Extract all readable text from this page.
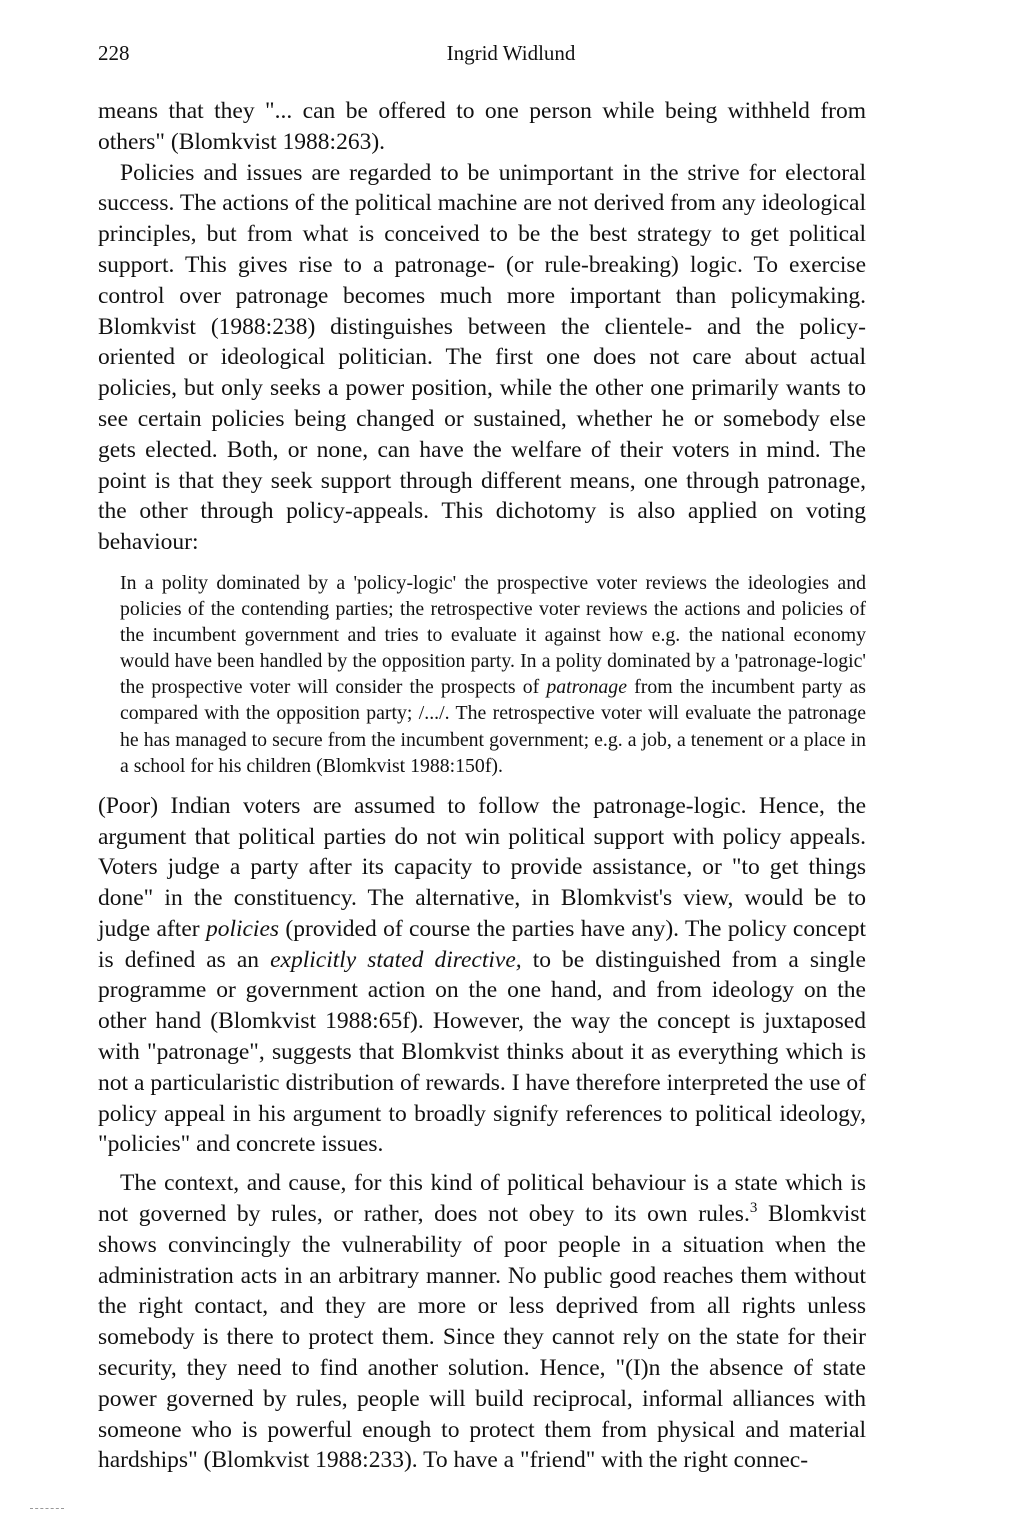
228	Ingrid Widlund

means that they "... can be offered to one person while being withheld from others" (Blomkvist 1988:263).

Policies and issues are regarded to be unimportant in the strive for electoral success. The actions of the political machine are not derived from any ideological principles, but from what is conceived to be the best strategy to get political support. This gives rise to a patronage- (or rule-breaking) logic. To exercise control over patronage becomes much more important than policymaking. Blomkvist (1988:238) distinguishes between the clientele- and the policy-oriented or ideological politician. The first one does not care about actual policies, but only seeks a power position, while the other one primarily wants to see certain policies being changed or sustained, whether he or somebody else gets elected. Both, or none, can have the welfare of their voters in mind. The point is that they seek support through different means, one through patronage, the other through policy-appeals. This dichotomy is also applied on voting behaviour:

In a polity dominated by a 'policy-logic' the prospective voter reviews the ideologies and policies of the contending parties; the retrospective voter reviews the actions and policies of the incumbent government and tries to evaluate it against how e.g. the national economy would have been handled by the opposition party. In a polity dominated by a 'patronage-logic' the prospective voter will consider the prospects of patronage from the incumbent party as compared with the opposition party; /.../. The retrospective voter will evaluate the patronage he has managed to secure from the incumbent government; e.g. a job, a tenement or a place in a school for his children (Blomkvist 1988:150f).

(Poor) Indian voters are assumed to follow the patronage-logic. Hence, the argument that political parties do not win political support with policy appeals. Voters judge a party after its capacity to provide assistance, or "to get things done" in the constituency. The alternative, in Blomkvist's view, would be to judge after policies (provided of course the parties have any). The policy concept is defined as an explicitly stated directive, to be distinguished from a single programme or government action on the one hand, and from ideology on the other hand (Blomkvist 1988:65f). However, the way the concept is juxtaposed with "patronage", suggests that Blomkvist thinks about it as everything which is not a particularistic distribution of rewards. I have therefore interpreted the use of policy appeal in his argument to broadly signify references to political ideology, "policies" and concrete issues.

The context, and cause, for this kind of political behaviour is a state which is not governed by rules, or rather, does not obey to its own rules.$^3$ Blomkvist shows convincingly the vulnerability of poor people in a situation when the administration acts in an arbitrary manner. No public good reaches them without the right contact, and they are more or less deprived from all rights unless somebody is there to protect them. Since they cannot rely on the state for their security, they need to find another solution. Hence, "(I)n the absence of state power governed by rules, people will build reciprocal, informal alliances with someone who is powerful enough to protect them from physical and material hardships" (Blomkvist 1988:233). To have a "friend" with the right connec-
